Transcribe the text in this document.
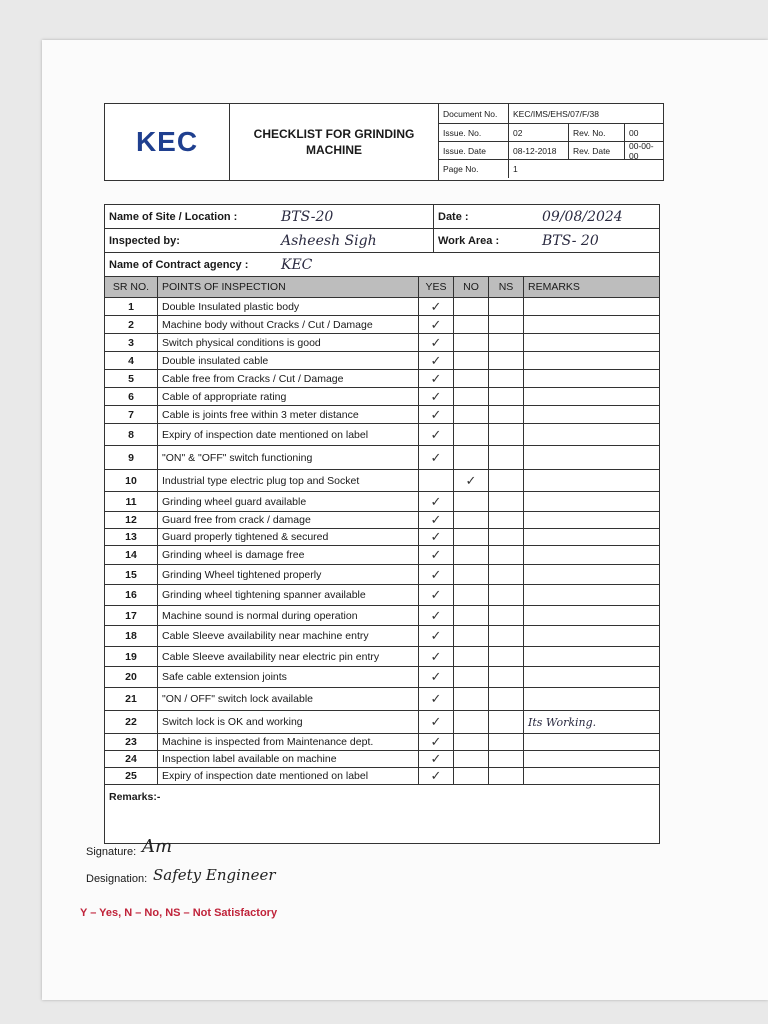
KEC	CHECKLIST FOR GRINDING
MACHINE
Document No.	KEC/IMS/EHS/07/F/38
Issue. No.	02	Rev. No.	00
Issue. Date	08-12-2018	Rev. Date	00-00-00
Page No.	1
Name of Site / Location :	BTS-20	Date :	09/08/2024
Inspected by:	Asheesh Sigh	Work Area :	BTS- 20
Name of Contract agency :	KEC
SR NO.	POINTS OF INSPECTION	YES	NO	NS	REMARKS
1	Double Insulated plastic body	✓			
2	Machine body without Cracks / Cut / Damage	✓			
3	Switch physical conditions is good	✓			
4	Double insulated cable	✓			
5	Cable free from Cracks / Cut / Damage	✓			
6	Cable of appropriate rating	✓			
7	Cable is joints free within 3 meter distance	✓			
8	Expiry of inspection date mentioned on label	✓			
9	"ON" & "OFF" switch functioning	✓			
10	Industrial type electric plug top and Socket		✓		
11	Grinding wheel guard available	✓			
12	Guard free from crack / damage	✓			
13	Guard properly tightened & secured	✓			
14	Grinding wheel is damage free	✓			
15	Grinding Wheel tightened properly	✓			
16	Grinding wheel tightening spanner available	✓			
17	Machine sound is normal during operation	✓			
18	Cable Sleeve availability near machine entry	✓			
19	Cable Sleeve availability near electric pin entry	✓			
20	Safe cable extension joints	✓			
21	"ON / OFF" switch lock available	✓			
22	Switch lock is OK and working	✓			Its Working.
23	Machine is inspected from Maintenance dept.	✓			
24	Inspection label available on machine	✓			
25	Expiry of inspection date mentioned on label	✓			
Remarks:-
Signature: Am
Designation: Safety Engineer
Y – Yes, N – No, NS – Not Satisfactory
